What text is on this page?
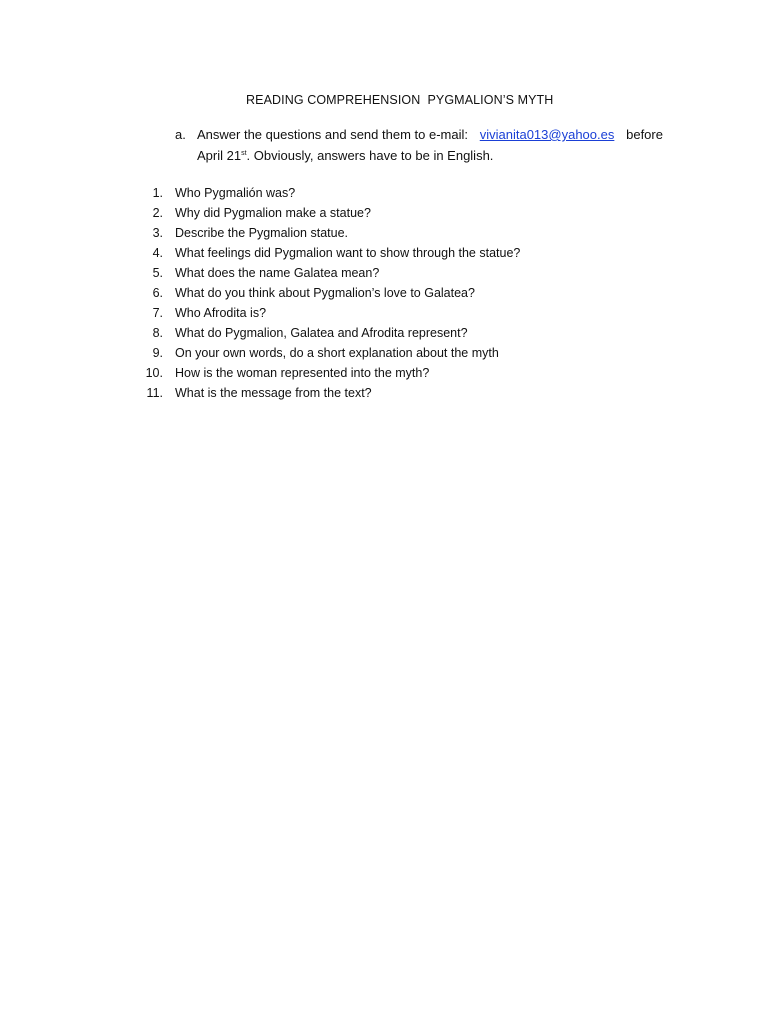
READING COMPREHENSION  PYGMALION’S MYTH
a. Answer the questions and send them to e-mail: vivianita013@yahoo.es before
April 21st. Obviously, answers have to be in English.
1. Who Pygmalión was?
2. Why did Pygmalion make a statue?
3. Describe the Pygmalion statue.
4. What feelings did Pygmalion want to show through the statue?
5. What does the name Galatea mean?
6. What do you think about Pygmalion’s love to Galatea?
7. Who Afrodita is?
8. What do Pygmalion, Galatea and Afrodita represent?
9. On your own words, do a short explanation about the myth
10. How is the woman represented into the myth?
11. What is the message from the text?
